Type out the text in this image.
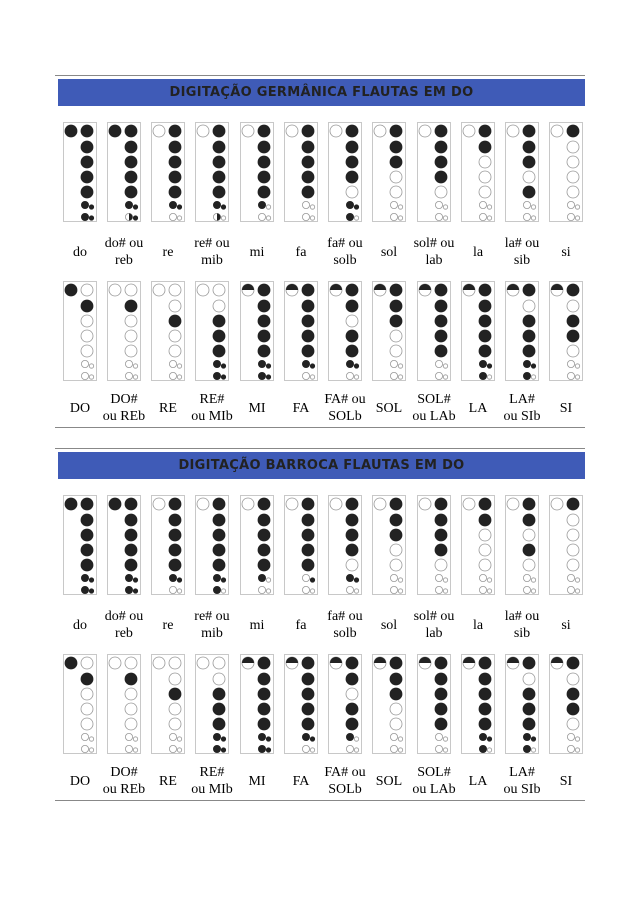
DIGITAÇÃO GERMÂNICA FLAUTAS EM DO
do
do# ou
reb
re
re# ou
mib
mi	fa
fa# ou
solb
sol
sol# ou
lab
la
la# ou
sib
si
DO
DO#
ou REb
RE
RE#
ou MIb
MI	FA
FA# ou
SOLb
SOL
SOL#
ou LAb
LA
LA#
ou SIb
SI
DIGITAÇÃO BARROCA FLAUTAS EM DO
do
do# ou
reb
re
re# ou
mib
mi	fa
fa# ou
solb
sol
sol# ou
lab
la
la# ou
sib
si
DO
DO#
ou REb
RE
RE#
ou MIb
MI	FA
FA# ou
SOLb
SOL
SOL#
ou LAb
LA
LA#
ou SIb
SI
